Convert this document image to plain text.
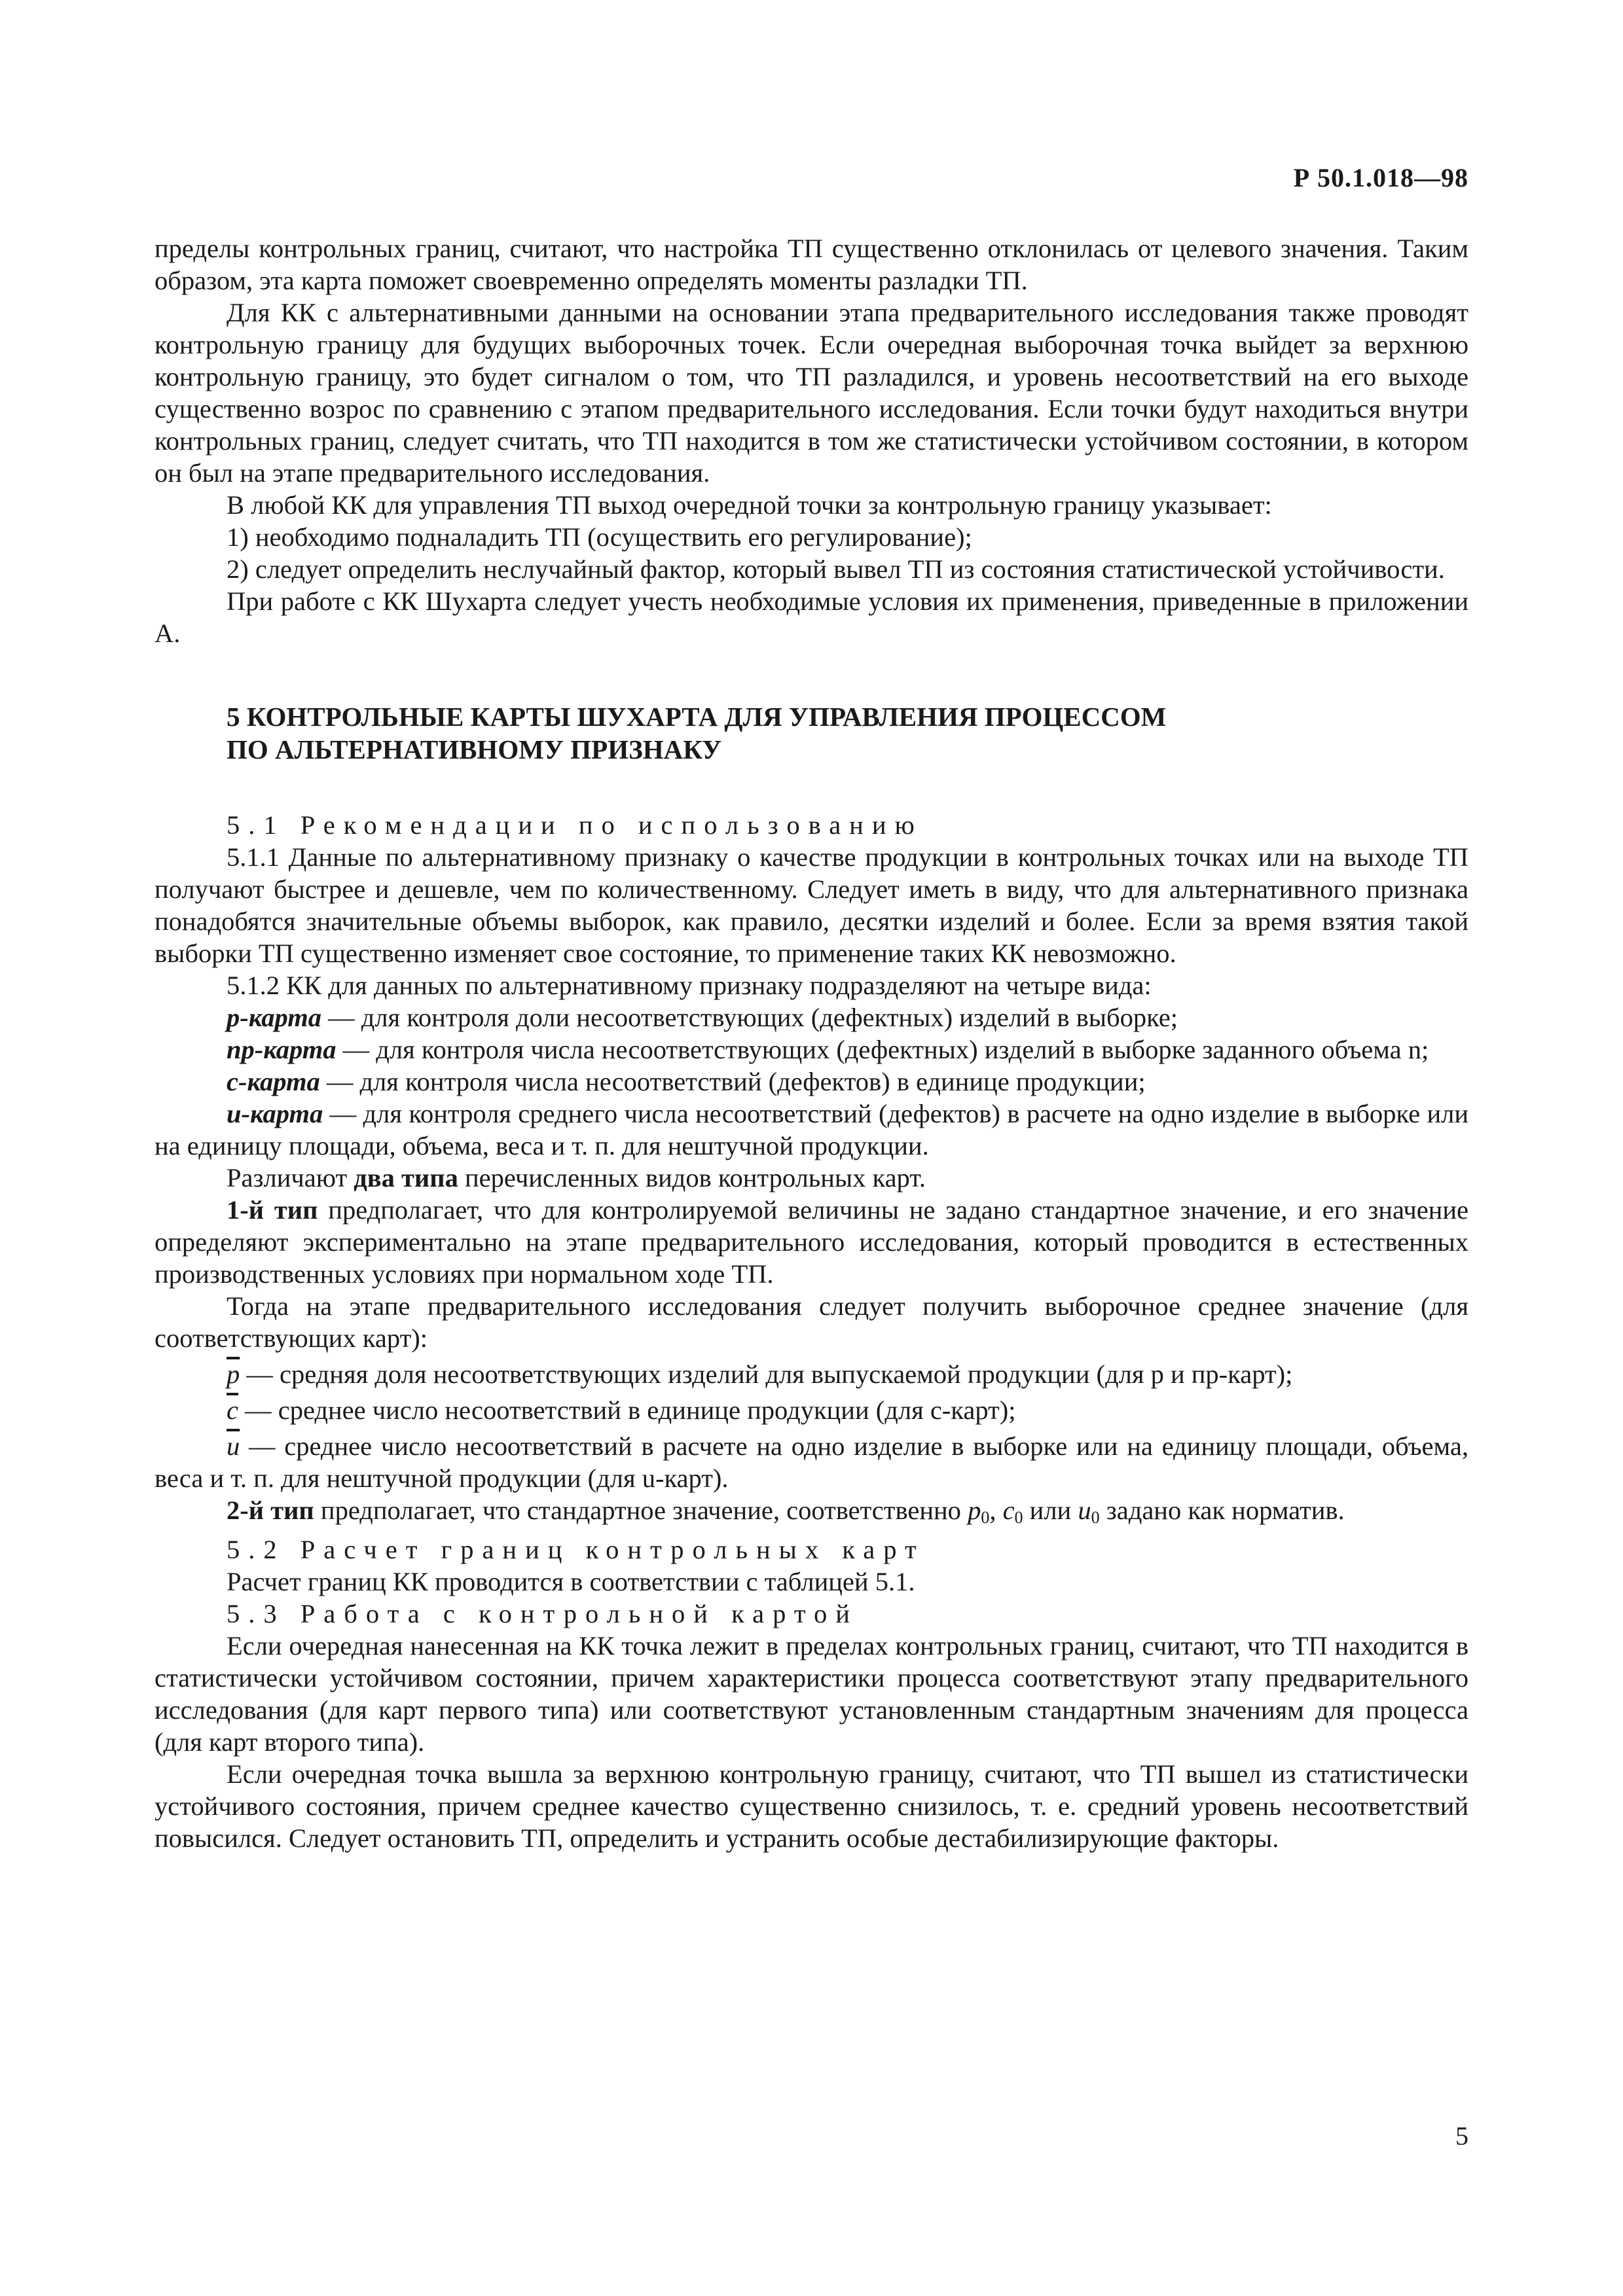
Р 50.1.018—98

пределы контрольных границ, считают, что настройка ТП существенно отклонилась от целевого значения. Таким образом, эта карта поможет своевременно определять моменты разладки ТП.

Для КК с альтернативными данными на основании этапа предварительного исследования также проводят контрольную границу для будущих выборочных точек. Если очередная выборочная точка выйдет за верхнюю контрольную границу, это будет сигналом о том, что ТП разладился, и уровень несоответствий на его выходе существенно возрос по сравнению с этапом предварительного исследования. Если точки будут находиться внутри контрольных границ, следует считать, что ТП находится в том же статистически устойчивом состоянии, в котором он был на этапе предварительного исследования.

В любой КК для управления ТП выход очередной точки за контрольную границу указывает:

1) необходимо подналадить ТП (осуществить его регулирование);

2) следует определить неслучайный фактор, который вывел ТП из состояния статистической устойчивости.

При работе с КК Шухарта следует учесть необходимые условия их применения, приведенные в приложении А.

5 КОНТРОЛЬНЫЕ КАРТЫ ШУХАРТА ДЛЯ УПРАВЛЕНИЯ ПРОЦЕССОМ
ПО АЛЬТЕРНАТИВНОМУ ПРИЗНАКУ

5.1 Рекомендации по использованию

5.1.1 Данные по альтернативному признаку о качестве продукции в контрольных точках или на выходе ТП получают быстрее и дешевле, чем по количественному. Следует иметь в виду, что для альтернативного признака понадобятся значительные объемы выборок, как правило, десятки изделий и более. Если за время взятия такой выборки ТП существенно изменяет свое состояние, то применение таких КК невозможно.

5.1.2 КК для данных по альтернативному признаку подразделяют на четыре вида:

р-карта — для контроля доли несоответствующих (дефектных) изделий в выборке;

пр-карта — для контроля числа несоответствующих (дефектных) изделий в выборке заданного объема n;

с-карта — для контроля числа несоответствий (дефектов) в единице продукции;

u-карта — для контроля среднего числа несоответствий (дефектов) в расчете на одно изделие в выборке или на единицу площади, объема, веса и т. п. для нештучной продукции.

Различают два типа перечисленных видов контрольных карт.

1-й тип предполагает, что для контролируемой величины не задано стандартное значение, и его значение определяют экспериментально на этапе предварительного исследования, который проводится в естественных производственных условиях при нормальном ходе ТП.

Тогда на этапе предварительного исследования следует получить выборочное среднее значение (для соответствующих карт):

$\overline{p}$ — средняя доля несоответствующих изделий для выпускаемой продукции (для р и пр-карт);

$\overline{c}$ — среднее число несоответствий в единице продукции (для с-карт);

$\overline{u}$ — среднее число несоответствий в расчете на одно изделие в выборке или на единицу площади, объема, веса и т. п. для нештучной продукции (для u-карт).

2-й тип предполагает, что стандартное значение, соответственно $p_0$, $c_0$ или $u_0$ задано как норматив.

5.2 Расчет границ контрольных карт

Расчет границ КК проводится в соответствии с таблицей 5.1.

5.3 Работа с контрольной картой

Если очередная нанесенная на КК точка лежит в пределах контрольных границ, считают, что ТП находится в статистически устойчивом состоянии, причем характеристики процесса соответствуют этапу предварительного исследования (для карт первого типа) или соответствуют установленным стандартным значениям для процесса (для карт второго типа).

Если очередная точка вышла за верхнюю контрольную границу, считают, что ТП вышел из статистически устойчивого состояния, причем среднее качество существенно снизилось, т. е. средний уровень несоответствий повысился. Следует остановить ТП, определить и устранить особые дестабилизирующие факторы.

5
